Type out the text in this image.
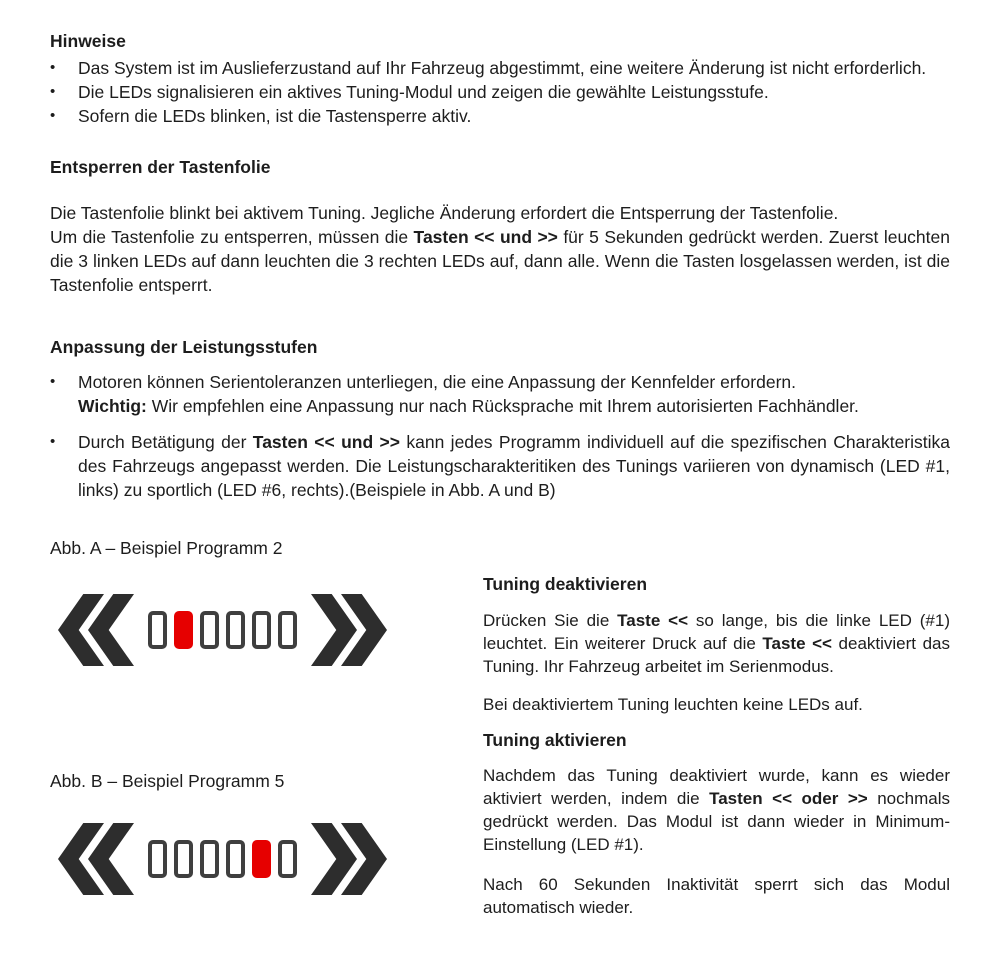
Hinweise
•	Das System ist im Auslieferzustand auf Ihr Fahrzeug abgestimmt, eine weitere Änderung ist nicht erforderlich.
•	Die LEDs signalisieren ein aktives Tuning-Modul und zeigen die gewählte Leistungsstufe.
•	Sofern die LEDs blinken, ist die Tastensperre aktiv.
Entsperren der Tastenfolie
Die Tastenfolie blinkt bei aktivem Tuning. Jegliche Änderung erfordert die Entsperrung der Tastenfolie.
Um die Tastenfolie zu entsperren, müssen die Tasten << und >> für 5 Sekunden gedrückt werden. Zuerst leuchten die 3 linken LEDs auf dann leuchten die 3 rechten LEDs auf, dann alle. Wenn die Tasten losgelassen werden, ist die Tastenfolie entsperrt.
Anpassung der Leistungsstufen
•	Motoren können Serientoleranzen unterliegen, die eine Anpassung der Kennfelder erfordern.
Wichtig: Wir empfehlen eine Anpassung nur nach Rücksprache mit Ihrem autorisierten Fachhändler.
•	Durch Betätigung der Tasten << und >> kann jedes Programm individuell auf die spezifischen Charakteristika des Fahrzeugs angepasst werden. Die Leistungscharakteritiken des Tunings variieren von dynamisch (LED #1, links) zu sportlich (LED #6, rechts).(Beispiele in Abb. A und B)
Abb. A – Beispiel Programm 2
Abb. B – Beispiel Programm 5
Tuning deaktivieren
Drücken Sie die Taste << so lange, bis die linke LED (#1) leuchtet. Ein weiterer Druck auf die Taste << deaktiviert das Tuning. Ihr Fahrzeug arbeitet im Serienmodus.
Bei deaktiviertem Tuning leuchten keine LEDs auf.
Tuning aktivieren
Nachdem das Tuning deaktiviert wurde, kann es wieder aktiviert werden, indem die Tasten << oder >> nochmals gedrückt werden. Das Modul ist dann wieder in Minimum-Einstellung (LED #1).
Nach 60 Sekunden Inaktivität sperrt sich das Modul automatisch wieder.
